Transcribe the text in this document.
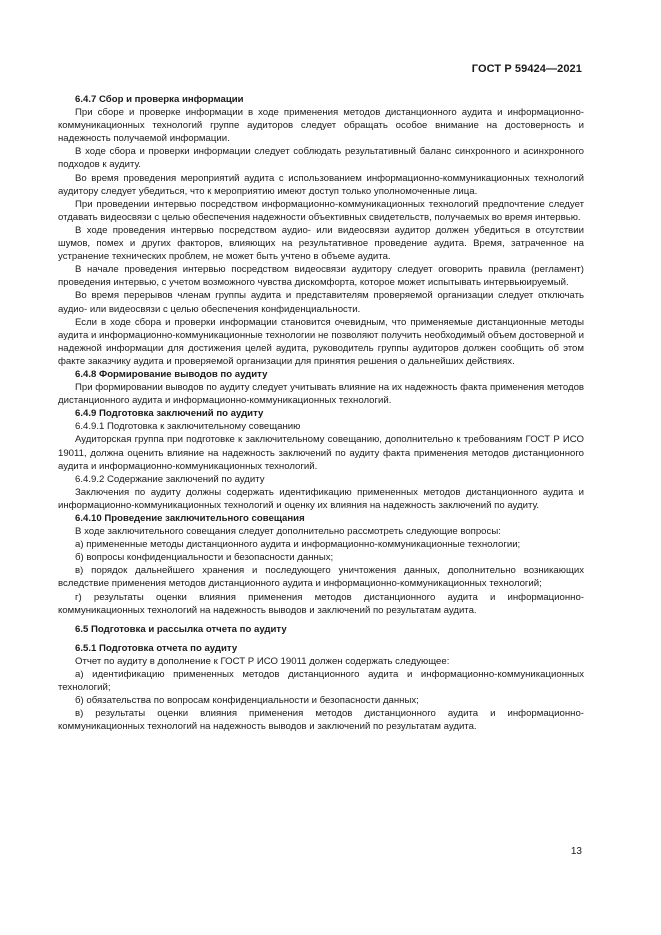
ГОСТ Р 59424—2021

6.4.7 Сбор и проверка информации

При сборе и проверке информации в ходе применения методов дистанционного аудита и информационно-коммуникационных технологий группе аудиторов следует обращать особое внимание на достоверность и надежность получаемой информации.

В ходе сбора и проверки информации следует соблюдать результативный баланс синхронного и асинхронного подходов к аудиту.

Во время проведения мероприятий аудита с использованием информационно-коммуникационных технологий аудитору следует убедиться, что к мероприятию имеют доступ только уполномоченные лица.

При проведении интервью посредством информационно-коммуникационных технологий предпочтение следует отдавать видеосвязи с целью обеспечения надежности объективных свидетельств, получаемых во время интервью.

В ходе проведения интервью посредством аудио- или видеосвязи аудитор должен убедиться в отсутствии шумов, помех и других факторов, влияющих на результативное проведение аудита. Время, затраченное на устранение технических проблем, не может быть учтено в объеме аудита.

В начале проведения интервью посредством видеосвязи аудитору следует оговорить правила (регламент) проведения интервью, с учетом возможного чувства дискомфорта, которое может испытывать интервьюируемый.

Во время перерывов членам группы аудита и представителям проверяемой организации следует отключать аудио- или видеосвязи с целью обеспечения конфиденциальности.

Если в ходе сбора и проверки информации становится очевидным, что применяемые дистанционные методы аудита и информационно-коммуникационные технологии не позволяют получить необходимый объем достоверной и надежной информации для достижения целей аудита, руководитель группы аудиторов должен сообщить об этом факте заказчику аудита и проверяемой организации для принятия решения о дальнейших действиях.

6.4.8 Формирование выводов по аудиту

При формировании выводов по аудиту следует учитывать влияние на их надежность факта применения методов дистанционного аудита и информационно-коммуникационных технологий.

6.4.9 Подготовка заключений по аудиту

6.4.9.1 Подготовка к заключительному совещанию

Аудиторская группа при подготовке к заключительному совещанию, дополнительно к требованиям ГОСТ Р ИСО 19011, должна оценить влияние на надежность заключений по аудиту факта применения методов дистанционного аудита и информационно-коммуникационных технологий.

6.4.9.2 Содержание заключений по аудиту

Заключения по аудиту должны содержать идентификацию примененных методов дистанционного аудита и информационно-коммуникационных технологий и оценку их влияния на надежность заключений по аудиту.

6.4.10 Проведение заключительного совещания

В ходе заключительного совещания следует дополнительно рассмотреть следующие вопросы:

а) примененные методы дистанционного аудита и информационно-коммуникационные технологии;

б) вопросы конфиденциальности и безопасности данных;

в) порядок дальнейшего хранения и последующего уничтожения данных, дополнительно возникающих вследствие применения методов дистанционного аудита и информационно-коммуникационных технологий;

г) результаты оценки влияния применения методов дистанционного аудита и информационно-коммуникационных технологий на надежность выводов и заключений по результатам аудита.

6.5 Подготовка и рассылка отчета по аудиту

6.5.1 Подготовка отчета по аудиту

Отчет по аудиту в дополнение к ГОСТ Р ИСО 19011 должен содержать следующее:

а) идентификацию примененных методов дистанционного аудита и информационно-коммуникационных технологий;

б) обязательства по вопросам конфиденциальности и безопасности данных;

в) результаты оценки влияния применения методов дистанционного аудита и информационно-коммуникационных технологий на надежность выводов и заключений по результатам аудита.

13
